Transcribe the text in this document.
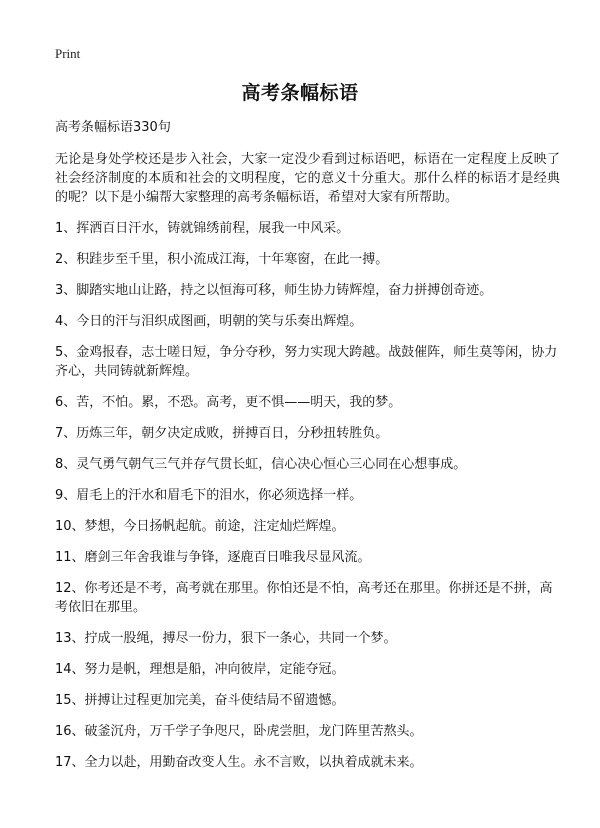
Print
高考条幅标语
高考条幅标语330句
无论是身处学校还是步入社会，大家一定没少看到过标语吧，标语在一定程度上反映了社会经济制度的本质和社会的文明程度，它的意义十分重大。那什么样的标语才是经典的呢？以下是小编帮大家整理的高考条幅标语，希望对大家有所帮助。
1、挥洒百日汗水，铸就锦绣前程，展我一中风采。
2、积跬步至千里，积小流成江海，十年寒窗，在此一搏。
3、脚踏实地山让路，持之以恒海可移，师生协力铸辉煌，奋力拼搏创奇迹。
4、今日的汗与泪织成图画，明朝的笑与乐奏出辉煌。
5、金鸡报春，志士嗟日短，争分夺秒，努力实现大跨越。战鼓催阵，师生莫等闲，协力齐心，共同铸就新辉煌。
6、苦，不怕。累，不恐。高考，更不惧——明天，我的梦。
7、历炼三年，朝夕决定成败，拼搏百日，分秒扭转胜负。
8、灵气勇气朝气三气并存气贯长虹，信心决心恒心三心同在心想事成。
9、眉毛上的汗水和眉毛下的泪水，你必须选择一样。
10、梦想，今日扬帆起航。前途，注定灿烂辉煌。
11、磨剑三年舍我谁与争锋，逐鹿百日唯我尽显风流。
12、你考还是不考，高考就在那里。你怕还是不怕，高考还在那里。你拼还是不拼，高考依旧在那里。
13、拧成一股绳，搏尽一份力，狠下一条心，共同一个梦。
14、努力是帆，理想是船，冲向彼岸，定能夺冠。
15、拼搏让过程更加完美，奋斗使结局不留遗憾。
16、破釜沉舟，万千学子争咫尺，卧虎尝胆，龙门阵里苦熬头。
17、全力以赴，用勤奋改变人生。永不言败，以执着成就未来。
